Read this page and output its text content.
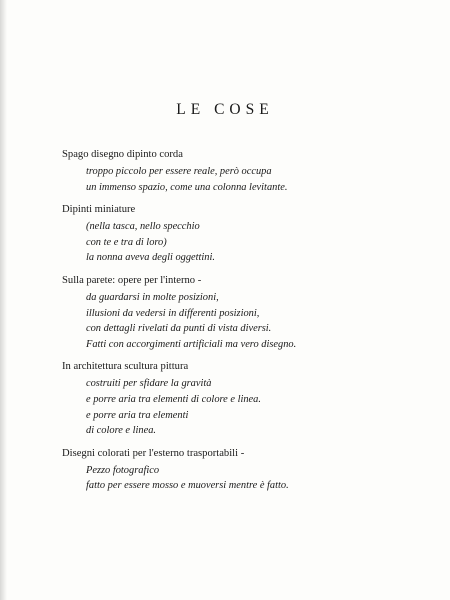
LE COSE

Spago disegno dipinto corda

troppo piccolo per essere reale, però occupa

un immenso spazio, come una colonna levitante.

Dipinti miniature

(nella tasca, nello specchio

con te e tra di loro)

la nonna aveva degli oggettini.

Sulla parete: opere per l'interno -

da guardarsi in molte posizioni,

illusioni da vedersi in differenti posizioni,

con dettagli rivelati da punti di vista diversi.

Fatti con accorgimenti artificiali ma vero disegno.

In architettura scultura pittura

costruiti per sfidare la gravità

e porre aria tra elementi di colore e linea.

e porre aria tra elementi

di colore e linea.

Disegni colorati per l'esterno trasportabili -

Pezzo fotografico

fatto per essere mosso e muoversi mentre è fatto.
